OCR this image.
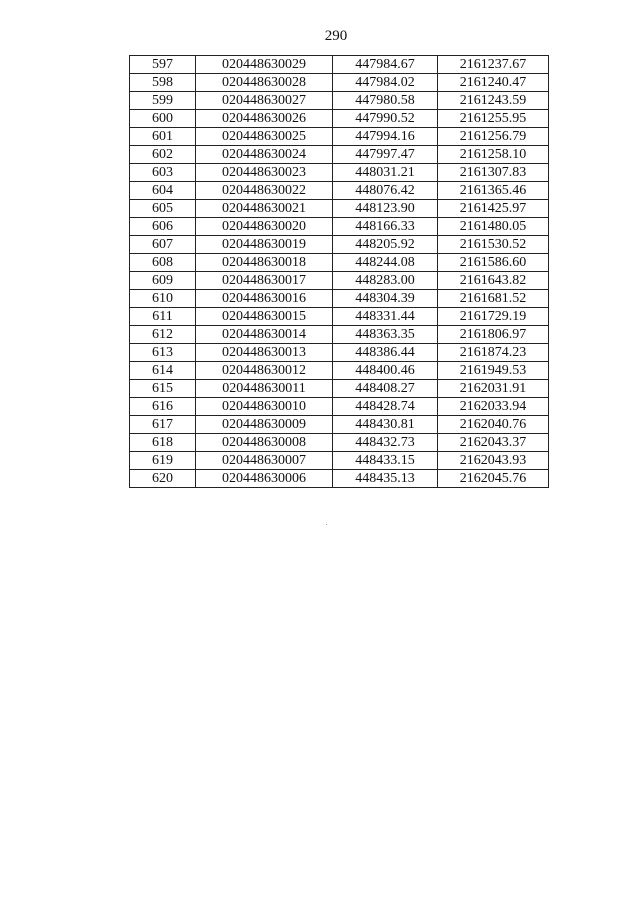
290
597	020448630029	447984.67	2161237.67
598	020448630028	447984.02	2161240.47
599	020448630027	447980.58	2161243.59
600	020448630026	447990.52	2161255.95
601	020448630025	447994.16	2161256.79
602	020448630024	447997.47	2161258.10
603	020448630023	448031.21	2161307.83
604	020448630022	448076.42	2161365.46
605	020448630021	448123.90	2161425.97
606	020448630020	448166.33	2161480.05
607	020448630019	448205.92	2161530.52
608	020448630018	448244.08	2161586.60
609	020448630017	448283.00	2161643.82
610	020448630016	448304.39	2161681.52
611	020448630015	448331.44	2161729.19
612	020448630014	448363.35	2161806.97
613	020448630013	448386.44	2161874.23
614	020448630012	448400.46	2161949.53
615	020448630011	448408.27	2162031.91
616	020448630010	448428.74	2162033.94
617	020448630009	448430.81	2162040.76
618	020448630008	448432.73	2162043.37
619	020448630007	448433.15	2162043.93
620	020448630006	448435.13	2162045.76
